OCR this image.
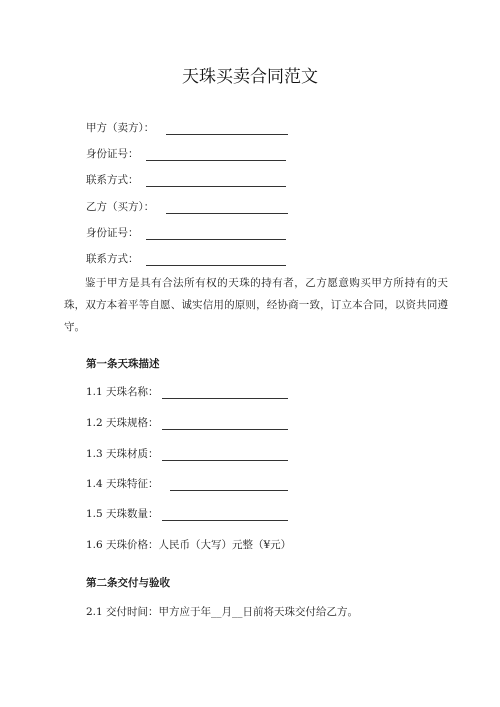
天珠买卖合同范文
甲方（卖方）：
身份证号：
联系方式：
乙方（买方）：
身份证号：
联系方式：
鉴于甲方是具有合法所有权的天珠的持有者，乙方愿意购买甲方所持有的天珠，双方本着平等自愿、诚实信用的原则，经协商一致，订立本合同，以资共同遵守。
第一条天珠描述
1.1 天珠名称：
1.2 天珠规格：
1.3 天珠材质：
1.4 天珠特征：
1.5 天珠数量：
1.6 天珠价格：人民币（大写）元整（¥元）
第二条交付与验收
2.1 交付时间：甲方应于年__月__日前将天珠交付给乙方。
